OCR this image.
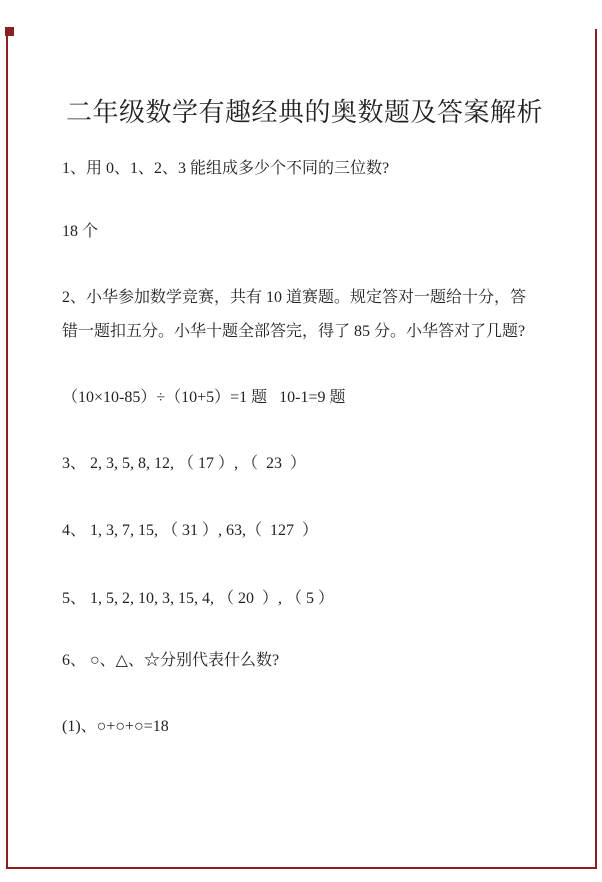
二年级数学有趣经典的奥数题及答案解析
1、用 0、1、2、3 能组成多少个不同的三位数?
18 个
2、小华参加数学竞赛，共有 10 道赛题。规定答对一题给十分，答
错一题扣五分。小华十题全部答完，得了 85 分。小华答对了几题?
（10×10-85）÷（10+5）=1 题   10-1=9 题
3、 2, 3, 5, 8, 12, （ 17 ）, （  23  ）
4、 1, 3, 7, 15, （ 31 ）, 63,（  127  ）
5、 1, 5, 2, 10, 3, 15, 4, （ 20  ）, （ 5 ）
6、 ○、△、☆分别代表什么数?
(1)、○+○+○=18
